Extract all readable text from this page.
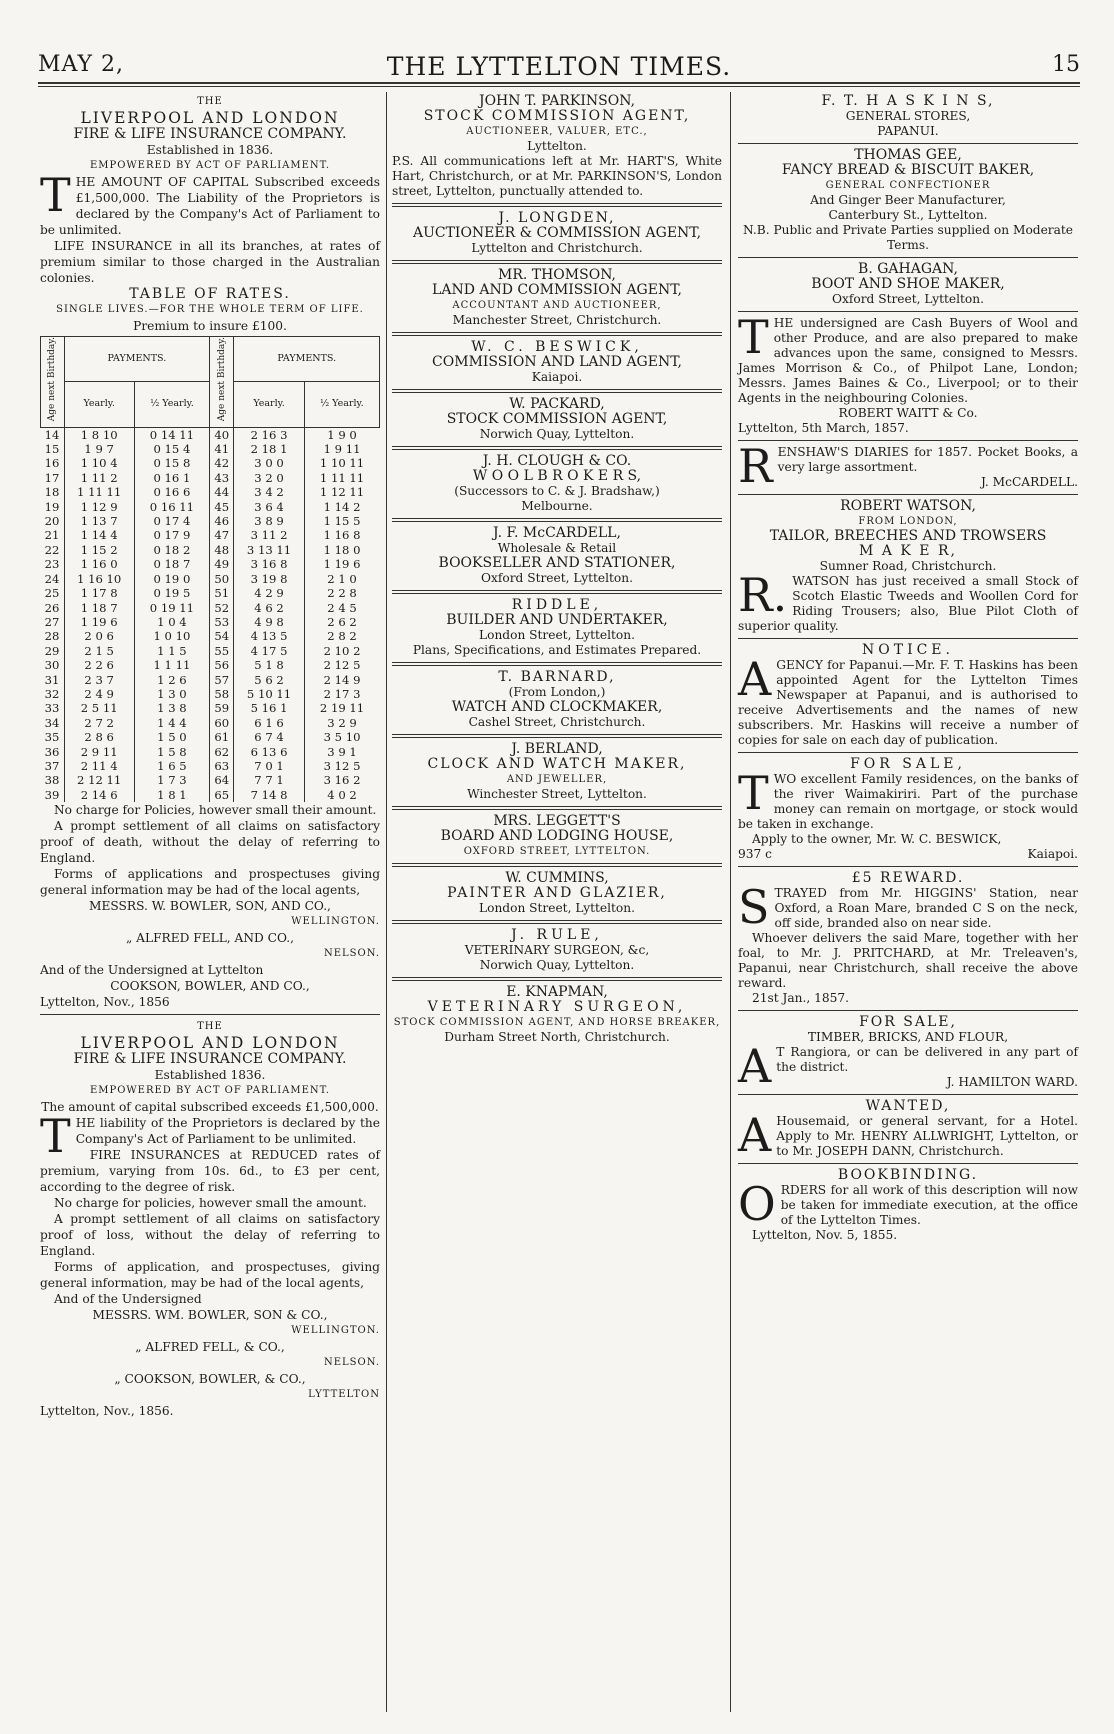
MAY 2,	THE LYTTELTON TIMES.	15
THE
LIVERPOOL AND LONDON
FIRE & LIFE INSURANCE COMPANY.
Established in 1836.
EMPOWERED BY ACT OF PARLIAMENT.

THE AMOUNT OF CAPITAL Subscribed exceeds £1,500,000. The Liability of the Proprietors is declared by the Company's Act of Parliament to be unlimited.

LIFE INSURANCE in all its branches, at rates of premium similar to those charged in the Australian colonies.

TABLE OF RATES.
SINGLE LIVES.—FOR THE WHOLE TERM OF LIFE.
Premium to insure £100.
Age next Birthday.	PAYMENTS.		Age next Birthday.	PAYMENTS.	
	Yearly.	½ Yearly.		Yearly.	½ Yearly.
14	1 8 10	0 14 11	40	2 16 3	1 9 0
15	1 9 7	0 15 4	41	2 18 1	1 9 11
16	1 10 4	0 15 8	42	3 0 0	1 10 11
17	1 11 2	0 16 1	43	3 2 0	1 11 11
18	1 11 11	0 16 6	44	3 4 2	1 12 11
19	1 12 9	0 16 11	45	3 6 4	1 14 2
20	1 13 7	0 17 4	46	3 8 9	1 15 5
21	1 14 4	0 17 9	47	3 11 2	1 16 8
22	1 15 2	0 18 2	48	3 13 11	1 18 0
23	1 16 0	0 18 7	49	3 16 8	1 19 6
24	1 16 10	0 19 0	50	3 19 8	2 1 0
25	1 17 8	0 19 5	51	4 2 9	2 2 8
26	1 18 7	0 19 11	52	4 6 2	2 4 5
27	1 19 6	1 0 4	53	4 9 8	2 6 2
28	2 0 6	1 0 10	54	4 13 5	2 8 2
29	2 1 5	1 1 5	55	4 17 5	2 10 2
30	2 2 6	1 1 11	56	5 1 8	2 12 5
31	2 3 7	1 2 6	57	5 6 2	2 14 9
32	2 4 9	1 3 0	58	5 10 11	2 17 3
33	2 5 11	1 3 8	59	5 16 1	2 19 11
34	2 7 2	1 4 4	60	6 1 6	3 2 9
35	2 8 6	1 5 0	61	6 7 4	3 5 10
36	2 9 11	1 5 8	62	6 13 6	3 9 1
37	2 11 4	1 6 5	63	7 0 1	3 12 5
38	2 12 11	1 7 3	64	7 7 1	3 16 2
39	2 14 6	1 8 1	65	7 14 8	4 0 2

No charge for Policies, however small their amount.

A prompt settlement of all claims on satisfactory proof of death, without the delay of referring to England.

Forms of applications and prospectuses giving general information may be had of the local agents,

MESSRS. W. BOWLER, SON, AND CO.,
WELLINGTON.
„ ALFRED FELL, AND CO.,
NELSON.
And of the Undersigned at Lyttelton
COOKSON, BOWLER, AND CO.,
Lyttelton, Nov., 1856
THE
LIVERPOOL AND LONDON
FIRE & LIFE INSURANCE COMPANY.
Established 1836.
EMPOWERED BY ACT OF PARLIAMENT.

The amount of capital subscribed exceeds £1,500,000.

THE liability of the Proprietors is declared by the Company's Act of Parliament to be unlimited.

FIRE INSURANCES at REDUCED rates of premium, varying from 10s. 6d., to £3 per cent, according to the degree of risk.

No charge for policies, however small the amount.

A prompt settlement of all claims on satisfactory proof of loss, without the delay of referring to England.

Forms of application, and prospectuses, giving general information, may be had of the local agents,

And of the Undersigned
MESSRS. WM. BOWLER, SON & CO.,
WELLINGTON.
„ ALFRED FELL, & CO.,
NELSON.
„ COOKSON, BOWLER, & CO.,
LYTTELTON
Lyttelton, Nov., 1856.
JOHN T. PARKINSON,
STOCK COMMISSION AGENT,
AUCTIONEER, VALUER, ETC.,
Lyttelton.

P.S. All communications left at Mr. HART'S, White Hart, Christchurch, or at Mr. PARKINSON'S, London street, Lyttelton, punctually attended to.

J. LONGDEN,
AUCTIONEER & COMMISSION AGENT,
Lyttelton and Christchurch.
MR. THOMSON,
LAND AND COMMISSION AGENT,
ACCOUNTANT AND AUCTIONEER,
Manchester Street, Christchurch.
W. C. BESWICK,
COMMISSION AND LAND AGENT,
Kaiapoi.
W. PACKARD,
STOCK COMMISSION AGENT,
Norwich Quay, Lyttelton.
J. H. CLOUGH & CO.
W O O L B R O K E R S,
(Successors to C. & J. Bradshaw,)
Melbourne.
J. F. McCARDELL,
Wholesale & Retail
BOOKSELLER AND STATIONER,
Oxford Street, Lyttelton.
RIDDLE,
BUILDER AND UNDERTAKER,
London Street, Lyttelton.
Plans, Specifications, and Estimates Prepared.
T. BARNARD,
(From London,)
WATCH AND CLOCKMAKER,
Cashel Street, Christchurch.
J. BERLAND,
CLOCK AND WATCH MAKER,
AND JEWELLER,
Winchester Street, Lyttelton.
MRS. LEGGETT'S
BOARD AND LODGING HOUSE,
OXFORD STREET, LYTTELTON.
W. CUMMINS,
PAINTER AND GLAZIER,
London Street, Lyttelton.
J. RULE,
VETERINARY SURGEON, &c,
Norwich Quay, Lyttelton.
E. KNAPMAN,
VETERINARY SURGEON,
STOCK COMMISSION AGENT, AND HORSE BREAKER,
Durham Street North, Christchurch.
F. T. H A S K I N S,
GENERAL STORES,
PAPANUI.
THOMAS GEE,
FANCY BREAD & BISCUIT BAKER,
GENERAL CONFECTIONER
And Ginger Beer Manufacturer,
Canterbury St., Lyttelton.

N.B. Public and Private Parties supplied on Moderate Terms.

B. GAHAGAN,
BOOT AND SHOE MAKER,
Oxford Street, Lyttelton.

THE undersigned are Cash Buyers of Wool and other Produce, and are also prepared to make advances upon the same, consigned to Messrs. James Morrison & Co., of Philpot Lane, London; Messrs. James Baines & Co., Liverpool; or to their Agents in the neighbouring Colonies.

ROBERT WAITT & Co.
Lyttelton, 5th March, 1857.

RENSHAW'S DIARIES for 1857. Pocket Books, a very large assortment.

J. McCARDELL.
ROBERT WATSON,
FROM LONDON,
TAILOR, BREECHES AND TROWSERS
M A K E R,
Sumner Road, Christchurch.

R. WATSON has just received a small Stock of Scotch Elastic Tweeds and Woollen Cord for Riding Trousers; also, Blue Pilot Cloth of superior quality.

NOTICE.

AGENCY for Papanui.—Mr. F. T. Haskins has been appointed Agent for the Lyttelton Times Newspaper at Papanui, and is authorised to receive Advertisements and the names of new subscribers. Mr. Haskins will receive a number of copies for sale on each day of publication.

FOR SALE,

TWO excellent Family residences, on the banks of the river Waimakiriri. Part of the purchase money can remain on mortgage, or stock would be taken in exchange.

Apply to the owner, Mr. W. C. BESWICK,
937 c	Kaiapoi.
£5 REWARD.

STRAYED from Mr. HIGGINS' Station, near Oxford, a Roan Mare, branded C S on the neck, off side, branded also on near side.

Whoever delivers the said Mare, together with her foal, to Mr. J. PRITCHARD, at Mr. Treleaven's, Papanui, near Christchurch, shall receive the above reward.

21st Jan., 1857.
FOR SALE,
TIMBER, BRICKS, AND FLOUR,

A T Rangiora, or can be delivered in any part of the district.

J. HAMILTON WARD.
WANTED,

A Housemaid, or general servant, for a Hotel. Apply to Mr. HENRY ALLWRIGHT, Lyttelton, or to Mr. JOSEPH DANN, Christchurch.

BOOKBINDING.

ORDERS for all work of this description will now be taken for immediate execution, at the office of the Lyttelton Times.

Lyttelton, Nov. 5, 1855.
